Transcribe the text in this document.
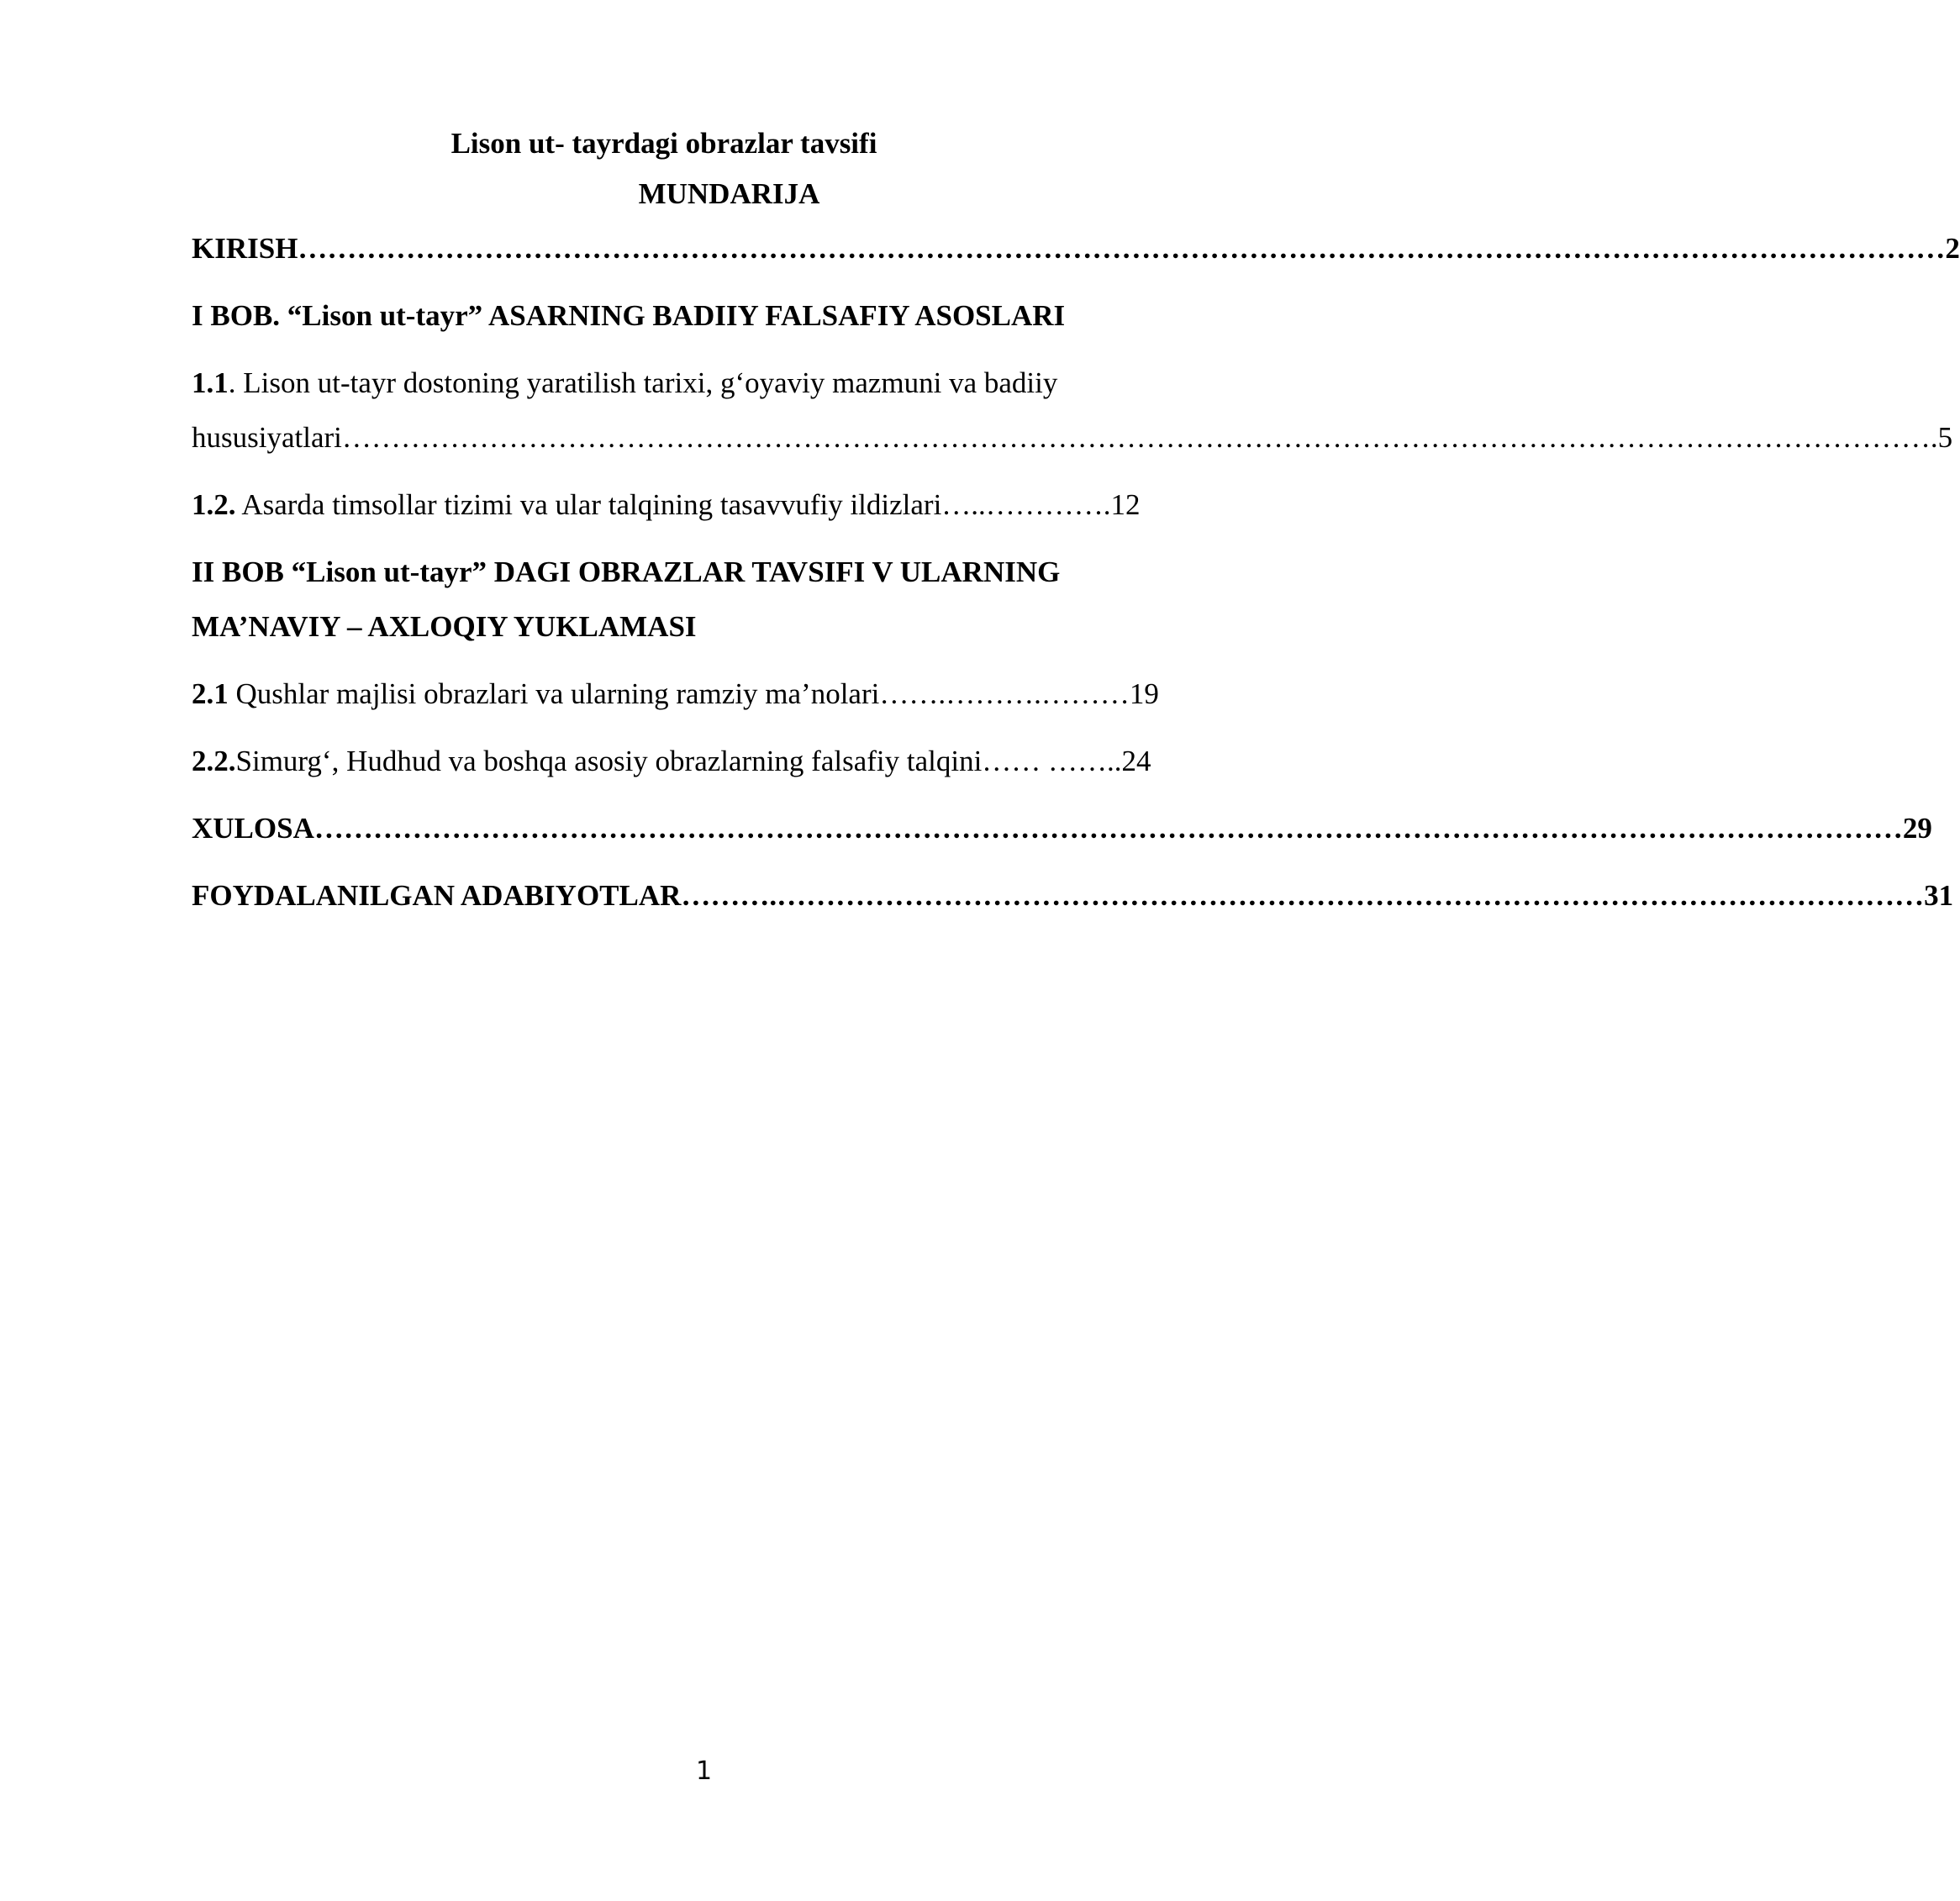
Lison ut- tayrdagi obrazlar tavsifi
MUNDARIJA
KIRISH……………………………………………………………………………………………………………………………………………………2
I BOB. “Lison ut-tayr” ASARNING BADIIY FALSAFIY ASOSLARI
1.1. Lison ut-tayr dostoning yaratilish tarixi, g‘oyaviy mazmuni va badiiy
hususiyatlari……………………………………………………………………………………………………………………………………………….5
1.2. Asarda timsollar tizimi va ular talqining tasavvufiy ildizlari…..………….12
II BOB “Lison ut-tayr” DAGI OBRAZLAR TAVSIFI V ULARNING
MA’NAVIY – AXLOQIY YUKLAMASI
2.1 Qushlar majlisi obrazlari va ularning ramziy ma’nolari…….……….………19
2.2.Simurg‘, Hudhud va boshqa asosiy obrazlarning falsafiy talqini…… ……..24
XULOSA………………………………………………………………………………………………………………………………………………29
FOYDALANILGAN ADABIYOTLAR……….………………………………………………………………………………………………………31
1
